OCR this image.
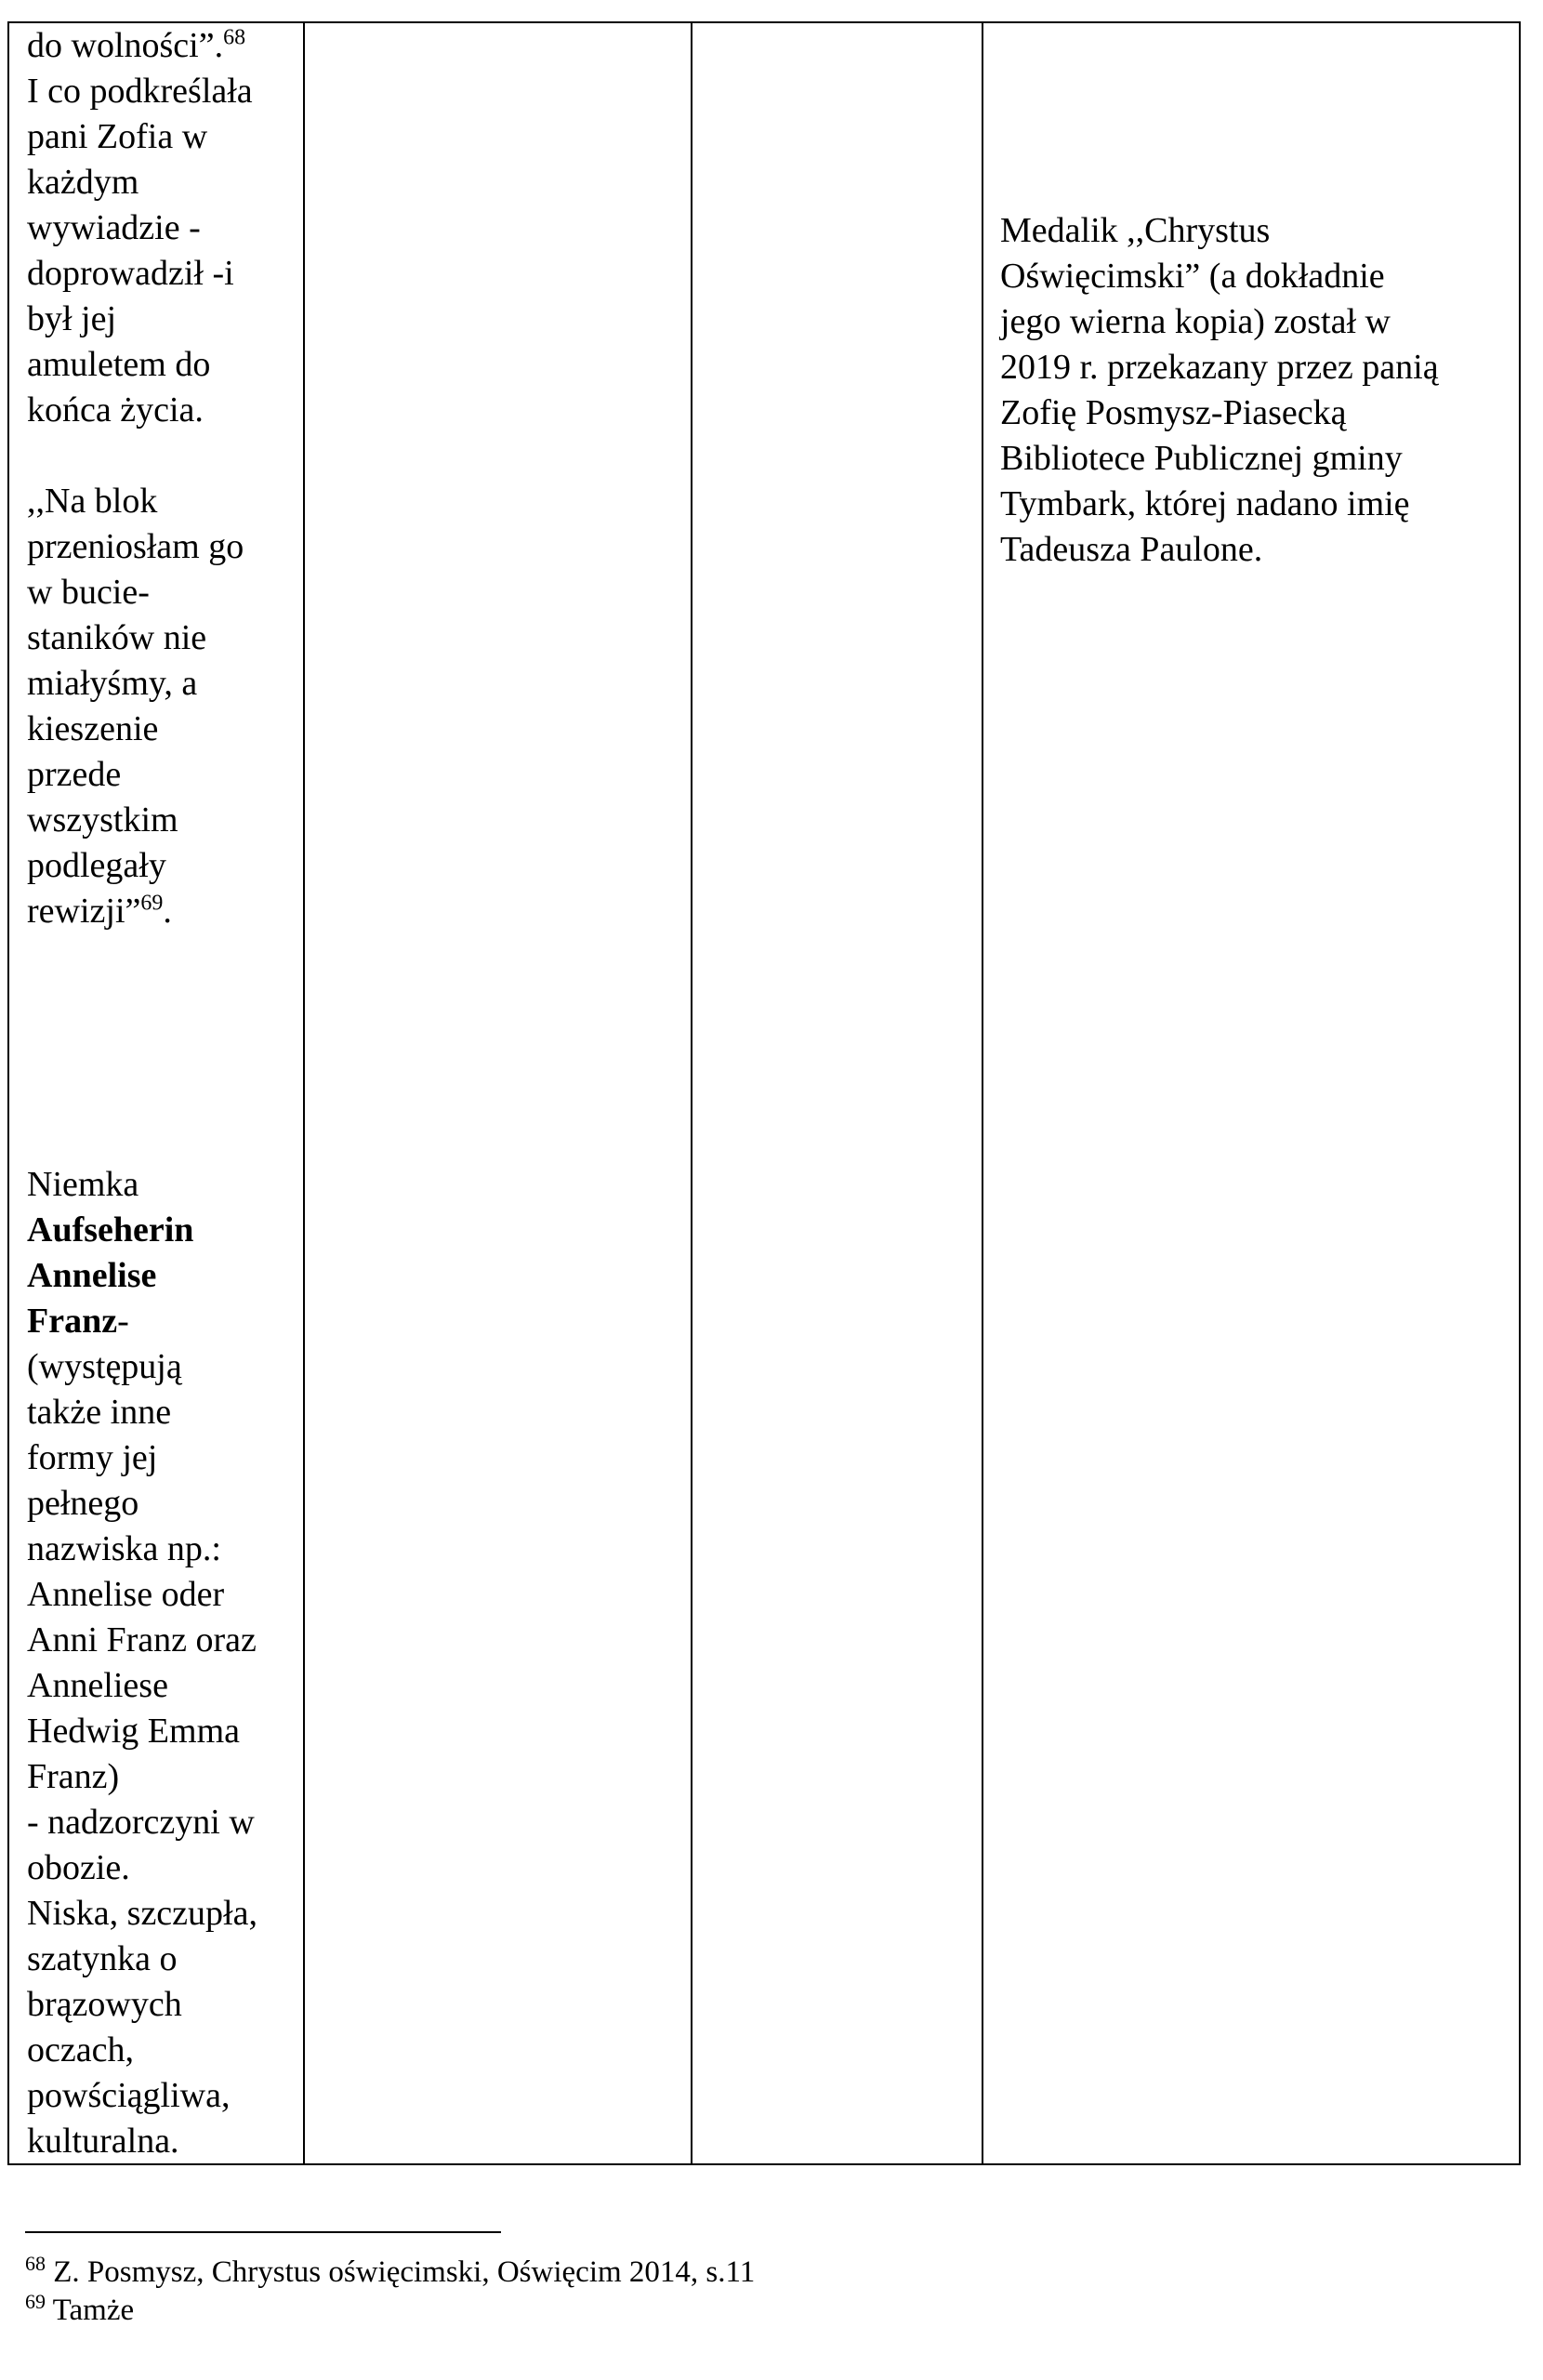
do wolności”.$^{68}$
I co podkreślała
pani Zofia w
każdym
wywiadzie -
doprowadził -i
był jej
amuletem do
końca życia.

,,Na blok
przeniosłam go
w bucie-
staników nie
miałyśmy, a
kieszenie
przede
wszystkim
podlegały
rewizji”$^{69}$.
Medalik ,,Chrystus
Oświęcimski” (a dokładnie
jego wierna kopia) został w
2019 r. przekazany przez panią
Zofię Posmysz-Piasecką
Bibliotece Publicznej gminy
Tymbark, której nadano imię
Tadeusza Paulone.
Niemka
Aufseherin
Annelise
Franz-
(występują
także inne
formy jej
pełnego
nazwiska np.:
Annelise oder
Anni Franz oraz
Anneliese
Hedwig Emma
Franz)
- nadzorczyni w
obozie.
Niska, szczupła,
szatynka o
brązowych
oczach,
powściągliwa,
kulturalna.
$^{68}$ Z. Posmysz, Chrystus oświęcimski, Oświęcim 2014, s.11
$^{69}$ Tamże
